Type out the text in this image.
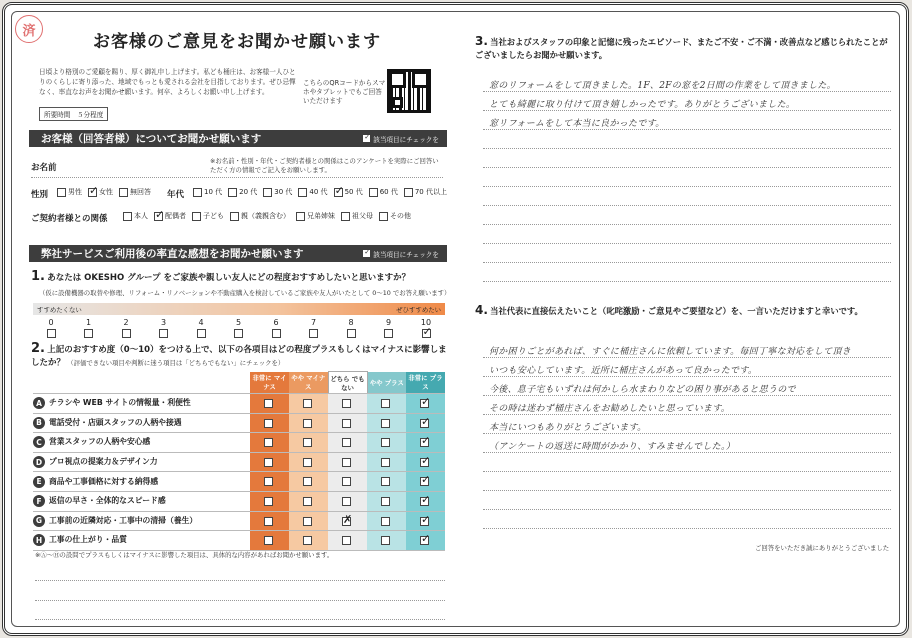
済
お客様のご意見をお聞かせ願います
日頃より格別のご愛顧を賜り、厚く御礼申し上げます。私ども桶庄は、お客様一人ひとりのくらしに寄り添った、地域でもっとも愛される会社を目指しております。ぜひ忌憚なく、率直なお声をお聞かせ願います。何卒、よろしくお願い申し上げます。
所要時間　５分程度
こちらのQRコードからスマホやタブレットでもご回答いただけます
お客様（回答者様）についてお聞かせ願います ✓	該当項目にチェックを
お名前
※お名前・性別・年代・ご契約者様との関係はこのアンケートを実際にご回答いただく方の情報でご記入をお願いします。
性別	男性 ✓ 女性 無回答 年代	10 代 20 代 30 代 40 代 ✓ 50 代 60 代 70 代以上
ご契約者様との関係	本人 ✓ 配偶者 子ども 親（義親含む） 兄弟姉妹 祖父母 その他
弊社サービスご利用後の率直な感想をお聞かせ願います ✓	該当項目にチェックを
1. あなたは OKESHO グループ をご家族や親しい友人にどの程度おすすめしたいと思いますか？
（仮に設備機器の取替や修理、リフォーム・リノベーションや不動産購入を検討しているご家族や友人がいたとして 0〜10 でお答え願います）
すすめたくない	ぜひすすめたい
0	1	2	3	4	5	6	7	8	9	10
✓
2. 上記のおすすめ度（0〜10）をつける上で、以下の各項目はどの程度プラスもしくはマイナスに影響しましたか？ （評価できない項目や判断に迷う項目は「どちらでもない」にチェックを）
	非常に マイナス	やや マイナス	どちら でもない	やや プラス	非常に プラス
A チラシや WEB サイトの情報量・利便性					✓
B 電話受付・店頭スタッフの人柄や接遇					✓
C 営業スタッフの人柄や安心感					✓
D プロ視点の提案力＆デザイン力					✓
E 商品や工事価格に対する納得感					✓
F 返信の早さ・全体的なスピード感					✓
G 工事前の近隣対応・工事中の清掃（養生）			✗		✓
H 工事の仕上がり・品質					✓
※Ⓐ〜Ⓗの設問でプラスもしくはマイナスに影響した項目は、具体的な内容があればお聞かせ願います。
3. 当社およびスタッフの印象と記憶に残ったエピソード、またご不安・ご不満・改善点など感じられたことがございましたらお聞かせ願います。
窓のリフォームをして頂きました。1F、2Fの窓を2日間の作業をして頂きました。
とても綺麗に取り付けて頂き嬉しかったです。ありがとうございました。
窓リフォームをして本当に良かったです。
4. 当社代表に直接伝えたいこと（叱咤激励・ご意見やご要望など）を、一言いただけますと幸いです。
何か困りごとがあれば、すぐに桶庄さんに依頼しています。毎回丁寧な対応をして頂き
いつも安心しています。近所に桶庄さんがあって良かったです。
今後、息子宅もいずれは何かしら水まわりなどの困り事があると思うので
その時は迷わず桶庄さんをお勧めしたいと思っています。
本当にいつもありがとうございます。
（アンケートの返送に時間がかかり、すみませんでした。）
ご回答をいただき誠にありがとうございました
